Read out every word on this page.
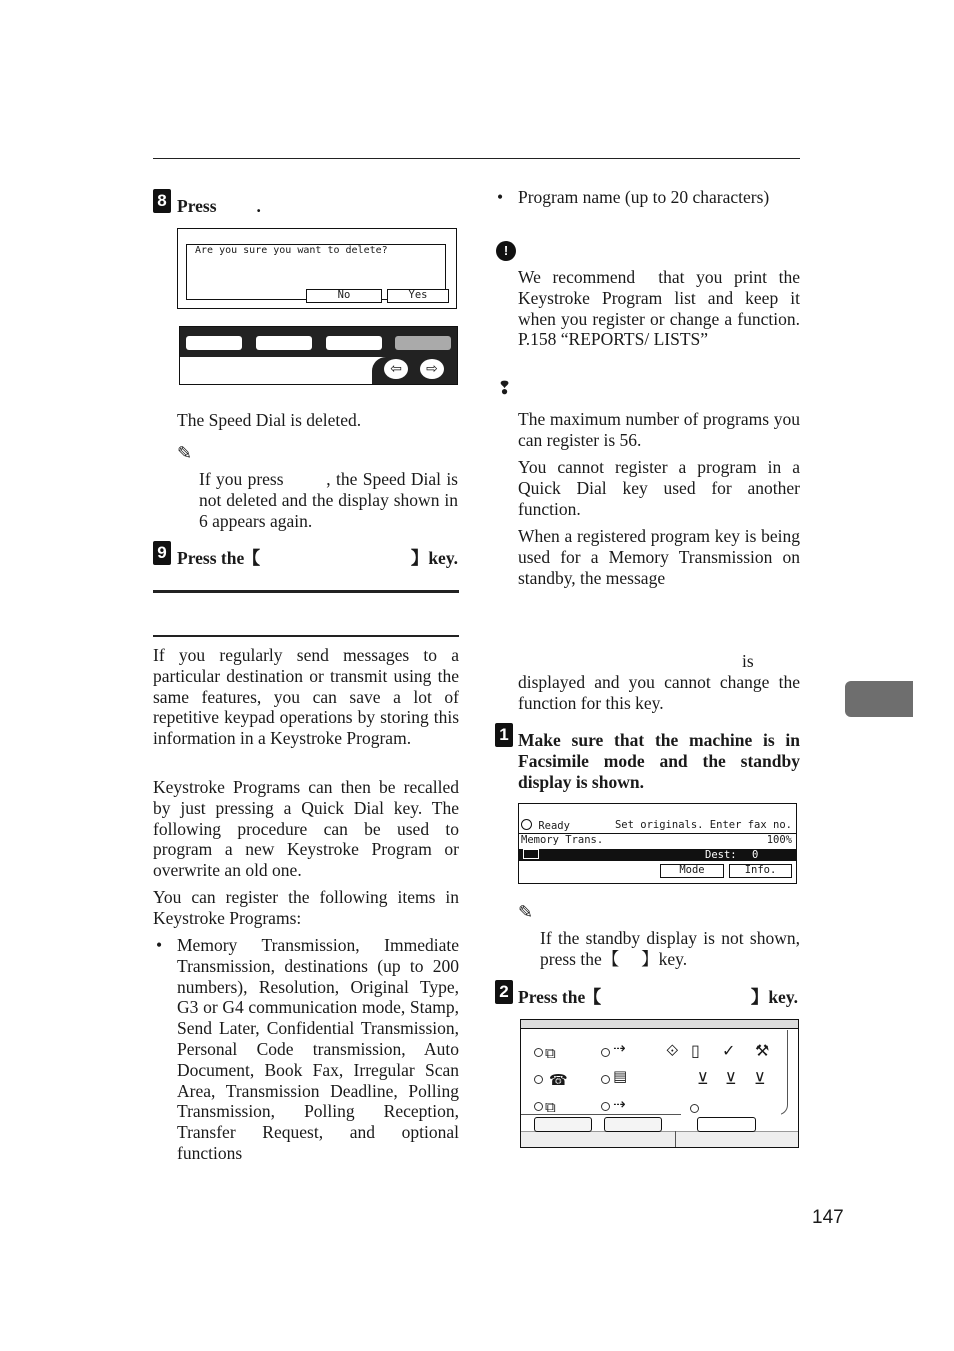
8 Press .
Are you sure you want to delete?
No	Yes
⇦	⇨
The Speed Dial is deleted.
✎
If you press        , the Speed Dial is not deleted and the display shown in 6 appears again.
9 Press the 【	】key.
If you regularly send messages to a particular destination or transmit using the same features, you can save a lot of repetitive keypad operations by storing this information in a Keystroke Program.
Keystroke Programs can then be recalled by just pressing a Quick Dial key. The following procedure can be used to program a new Keystroke Program or overwrite an old one.
You can register the following items in Keystroke Programs:
• Memory Transmission, Immediate Transmission, destinations (up to 200 numbers), Resolution, Original Type, G3 or G4 communication mode, Stamp, Send Later, Confidential Transmission, Personal Code transmission, Auto Document, Book Fax, Irregular Scan Area, Transmission Deadline, Polling Transmission, Polling Reception, Transfer Request, and optional functions
• Program name (up to 20 characters)
!
We recommend  that you print the Keystroke Program list and keep it when you register or change a function.        P.158 “REPORTS/ LISTS”
❢
The maximum number of programs you can register is 56.
You cannot register a program in a Quick Dial key used for another function.
When a registered program key is being used for a Memory Transmission on standby, the message
is displayed and you cannot change the function for this key.
1 Make sure that the machine is in Facsimile mode and the standby display is shown.
Ready	Set originals. Enter fax no.
Memory Trans.	100%
Dest: 0
Mode	Info.
✎
If the standby display is not shown, press the【     】key.
2 Press the 【	】key.
⧉
☎
⧉
⇢
▤
⇢
⟐ ▯ ✓ ⚒
⊻ ⊻ ⊻
147
